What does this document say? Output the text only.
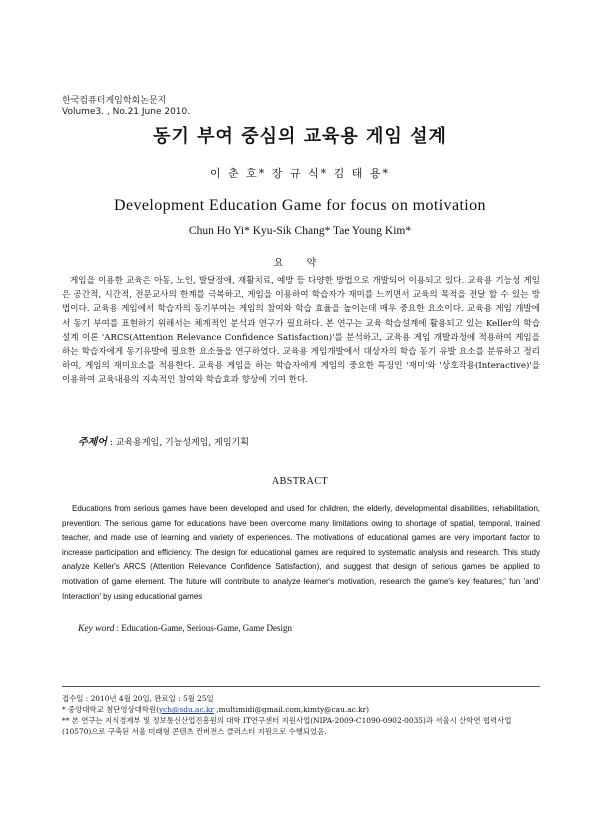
한국컴퓨터게임학회논문지
Volume3. , No.21 June 2010.
동기 부여 중심의 교육용 게임 설계
이 춘 호* 장 규 식* 김 태 용*
Development Education Game for focus on motivation
Chun Ho Yi* Kyu-Sik Chang* Tae Young Kim*
요 약

게임을 이용한 교육은 아동, 노인, 발달장애, 재활치료, 예방 등 다양한 방법으로 개발되어 이용되고 있다. 교육용 기능성 게임은 공간적, 시간적, 전문교사의 한계를 극복하고, 게임을 이용하여 학습자가 재미를 느끼면서 교육의 목적을 전달 할 수 있는 방법이다. 교육용 게임에서 학습자의 동기부여는 게임의 참여와 학습 효율을 높이는데 매우 중요한 요소이다. 교육용 게임 개발에서 동기 부여를 표현하기 위해서는 체계적인 분석과 연구가 필요하다. 본 연구는 교육 학습설계에 활용되고 있는 Keller의 학습설계 이론 'ARCS(Attention Relevance Confidence Satisfaction)'를 분석하고, 교육용 게임 개발과정에 적용하여 게임을 하는 학습자에게 동기유발에 필요한 요소들을 연구하였다. 교육용 게임개발에서 대상자의 학습 동기 유발 요소를 분류하고 정리하여, 게임의 재미요소를 적용한다. 교육용 게임을 하는 학습자에게 게임의 중요한 특징인 '재미'와 '상호작용(Interactive)'을 이용하여 교육내용의 지속적인 참여와 학습효과 향상에 기여 한다.

주제어 : 교육용게임, 기능성게임, 게임기획
ABSTRACT

Educations from serious games have been developed and used for children, the elderly, developmental disabilities, rehabilitation, prevention. The serious game for educations have been overcome many limitations owing to shortage of spatial, temporal, trained teacher, and made use of learning and variety of experiences. The motivations of educational games are very important factor to increase participation and efficiency. The design for educational games are required to systematic analysis and research. This study analyze Keller's ARCS (Attention Relevance Confidence Satisfaction), and suggest that design of serious games be applied to motivation of game element. The future will contribute to analyze learner's motivation, research the game's key features;' fun 'and' Interaction' by using educational games

Key word : Education-Game, Serious-Game, Game Design
접수일 : 2010년 4월 20일, 완료일 : 5월 25일
* 중앙대학교 첨단영상대학원(ych@sdu.ac.kr ,multimidi@gmail.com,kimty@cau.ac.kr)
** 본 연구는 지식경제부 및 정보통신산업진흥원의 대학 IT연구센터 지원사업(NIPA-2009-C1090-0902-0035)과 서울시 산학연 협력사업(10570)으로 구축된 서울 미래형 콘텐츠 컨버전스 클러스터 지원으로 수행되었음.
